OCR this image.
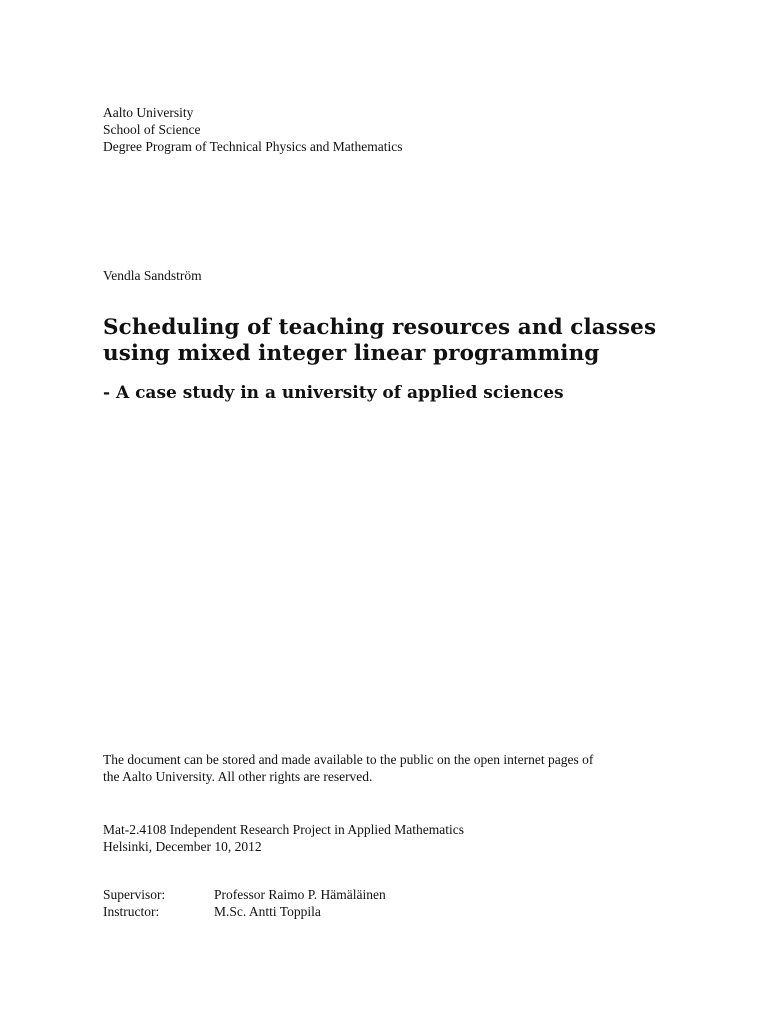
Aalto University
School of Science
Degree Program of Technical Physics and Mathematics
Vendla Sandström
Scheduling of teaching resources and classes
using mixed integer linear programming
- A case study in a university of applied sciences
The document can be stored and made available to the public on the open internet pages of
the Aalto University. All other rights are reserved.
Mat-2.4108 Independent Research Project in Applied Mathematics
Helsinki, December 10, 2012
Supervisor:	Professor Raimo P. Hämäläinen
Instructor:	M.Sc. Antti Toppila
